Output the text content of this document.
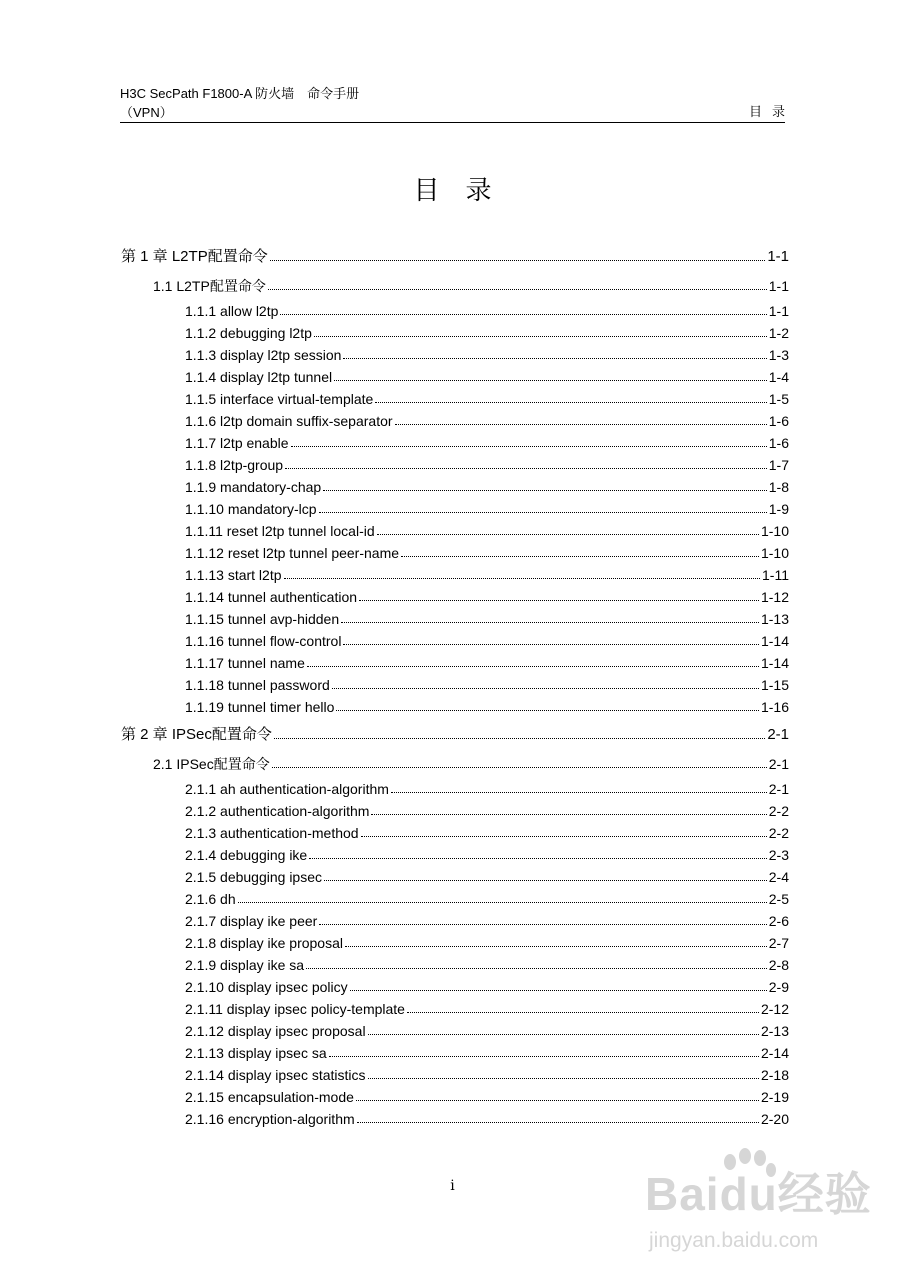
H3C SecPath F1800-A 防火墙　命令手册
（VPN）	目录
目录
第 1 章 L2TP配置命令	1-1
1.1 L2TP配置命令	1-1
1.1.1 allow l2tp	1-1
1.1.2 debugging l2tp	1-2
1.1.3 display l2tp session	1-3
1.1.4 display l2tp tunnel	1-4
1.1.5 interface virtual-template	1-5
1.1.6 l2tp domain suffix-separator	1-6
1.1.7 l2tp enable	1-6
1.1.8 l2tp-group	1-7
1.1.9 mandatory-chap	1-8
1.1.10 mandatory-lcp	1-9
1.1.11 reset l2tp tunnel local-id	1-10
1.1.12 reset l2tp tunnel peer-name	1-10
1.1.13 start l2tp	1-11
1.1.14 tunnel authentication	1-12
1.1.15 tunnel avp-hidden	1-13
1.1.16 tunnel flow-control	1-14
1.1.17 tunnel name	1-14
1.1.18 tunnel password	1-15
1.1.19 tunnel timer hello	1-16
第 2 章 IPSec配置命令	2-1
2.1 IPSec配置命令	2-1
2.1.1 ah authentication-algorithm	2-1
2.1.2 authentication-algorithm	2-2
2.1.3 authentication-method	2-2
2.1.4 debugging ike	2-3
2.1.5 debugging ipsec	2-4
2.1.6 dh	2-5
2.1.7 display ike peer	2-6
2.1.8 display ike proposal	2-7
2.1.9 display ike sa	2-8
2.1.10 display ipsec policy	2-9
2.1.11 display ipsec policy-template	2-12
2.1.12 display ipsec proposal	2-13
2.1.13 display ipsec sa	2-14
2.1.14 display ipsec statistics	2-18
2.1.15 encapsulation-mode	2-19
2.1.16 encryption-algorithm	2-20
i	Baidu经验
jingyan.baidu.com
